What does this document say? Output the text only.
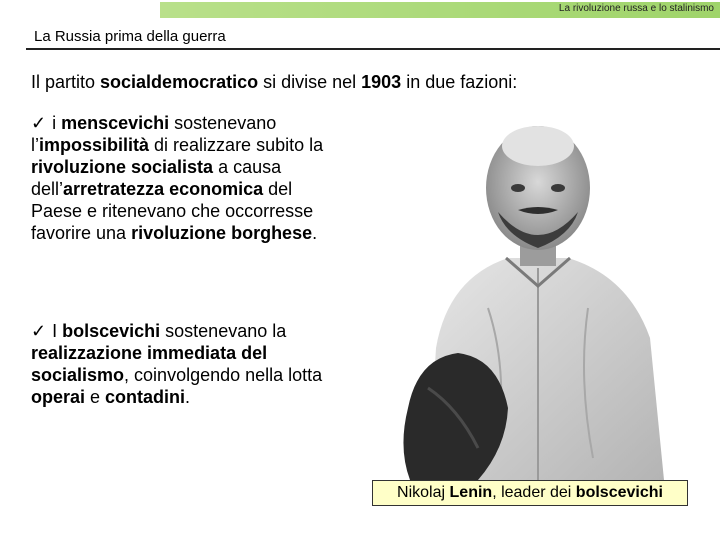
La rivoluzione russa e lo stalinismo
La Russia prima della guerra
Il partito socialdemocratico si divise nel 1903 in due fazioni:
✓ i menscevichi sostenevano l’impossibilità di realizzare subito la rivoluzione socialista a causa dell’arretratezza economica del Paese e ritenevano che occorresse favorire una rivoluzione borghese.
✓ I bolscevichi sostenevano la realizzazione immediata del socialismo, coinvolgendo nella lotta operai e contadini.
Nikolaj Lenin, leader dei bolscevichi
